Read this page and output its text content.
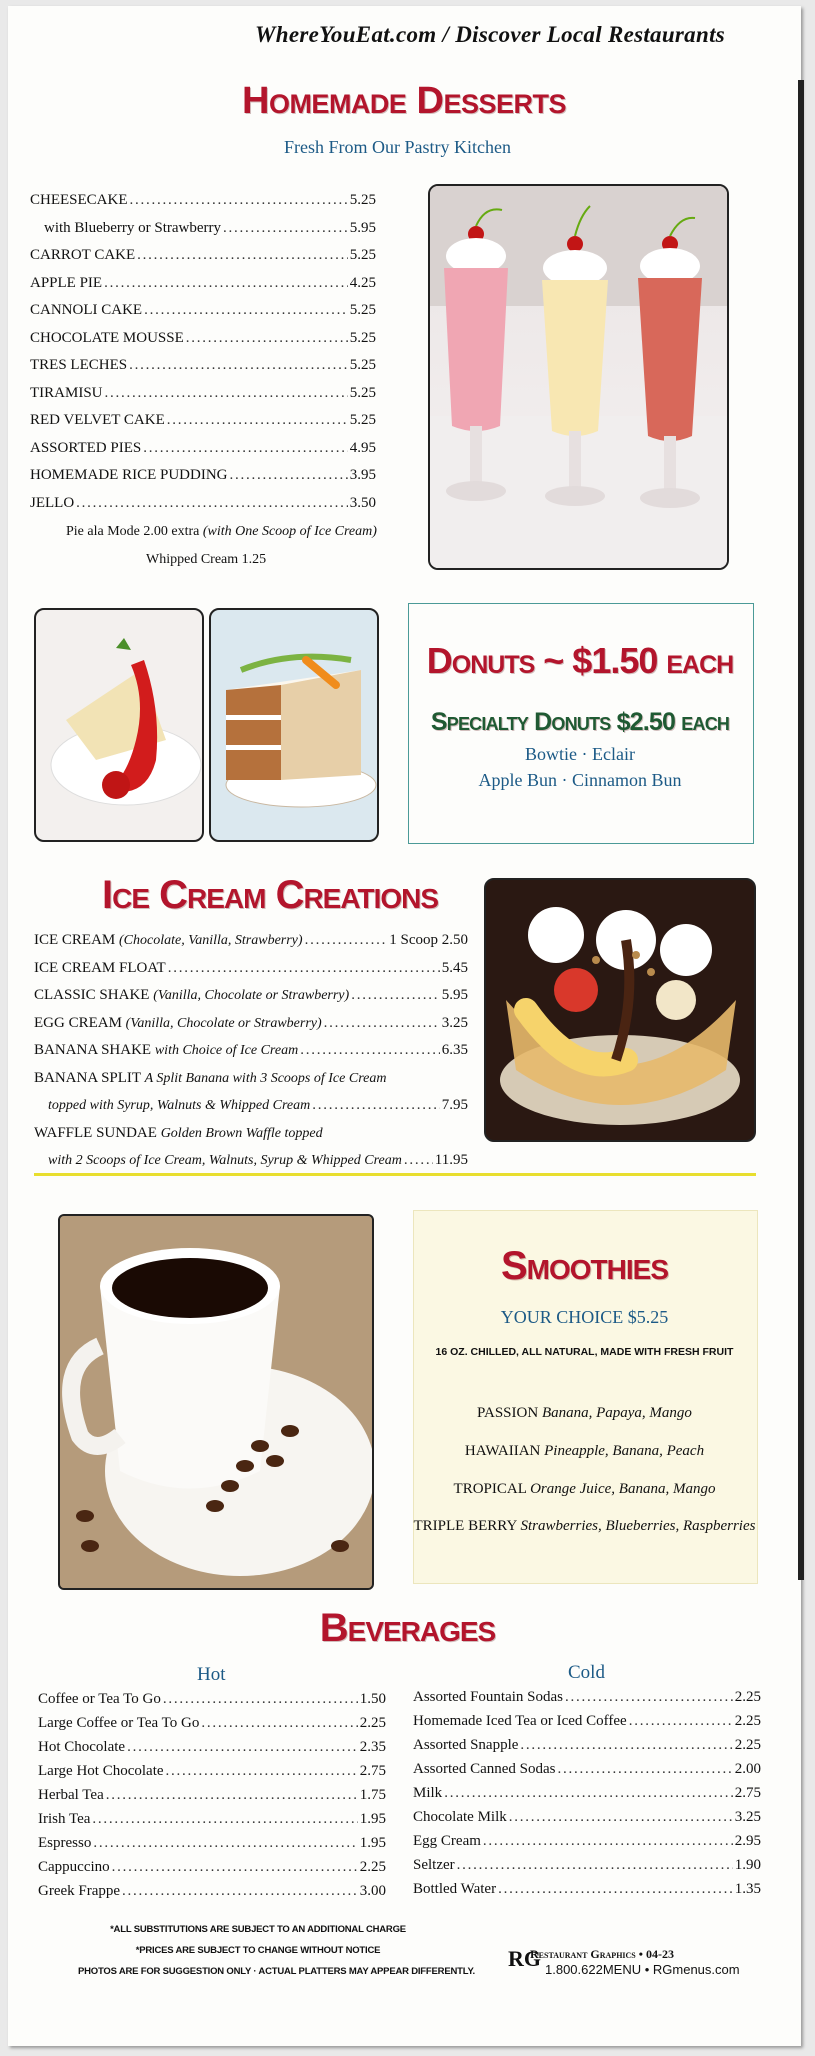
WhereYouEat.com / Discover Local Restaurants
Homemade Desserts
Fresh From Our Pastry Kitchen
CHEESECAKE . . .	5.25
with Blueberry or Strawberry . . .	5.95
CARROT CAKE . . .	5.25
APPLE PIE . . .	4.25
CANNOLI CAKE . . .	5.25
CHOCOLATE MOUSSE . . .	5.25
TRES LECHES . . .	5.25
TIRAMISU . . .	5.25
RED VELVET CAKE . . .	5.25
ASSORTED PIES . . .	4.95
HOMEMADE RICE PUDDING . . .	3.95
JELLO . . .	3.50
Pie ala Mode 2.00 extra (with One Scoop of Ice Cream)
Whipped Cream 1.25
Donuts ~ $1.50 each
Specialty Donuts $2.50 each
Bowtie · Eclair
Apple Bun · Cinnamon Bun
Ice Cream Creations
ICE CREAM (Chocolate, Vanilla, Strawberry) . . .	1 Scoop 2.50
ICE CREAM FLOAT . . .	5.45
CLASSIC SHAKE (Vanilla, Chocolate or Strawberry) . . .	5.95
EGG CREAM (Vanilla, Chocolate or Strawberry) . . .	3.25
BANANA SHAKE with Choice of Ice Cream . . .	6.35
BANANA SPLIT A Split Banana with 3 Scoops of Ice Cream
topped with Syrup, Walnuts & Whipped Cream . . .	7.95
WAFFLE SUNDAE Golden Brown Waffle topped
with 2 Scoops of Ice Cream, Walnuts, Syrup & Whipped Cream . . . 11.95
Smoothies
YOUR CHOICE $5.25
16 OZ. CHILLED, ALL NATURAL, MADE WITH FRESH FRUIT
PASSION Banana, Papaya, Mango
HAWAIIAN Pineapple, Banana, Peach
TROPICAL Orange Juice, Banana, Mango
TRIPLE BERRY Strawberries, Blueberries, Raspberries
Beverages
Hot	Cold
Coffee or Tea To Go . . .	1.50
Large Coffee or Tea To Go . . .	2.25
Hot Chocolate . . .	2.35
Large Hot Chocolate . . .	2.75
Herbal Tea . . .	1.75
Irish Tea . . .	1.95
Espresso . . .	1.95
Cappuccino . . .	2.25
Greek Frappe . . .	3.00
Assorted Fountain Sodas . . .	2.25
Homemade Iced Tea or Iced Coffee . . .	2.25
Assorted Snapple . . .	2.25
Assorted Canned Sodas . . .	2.00
Milk . . .	2.75
Chocolate Milk . . .	3.25
Egg Cream . . .	2.95
Seltzer . . .	1.90
Bottled Water . . .	1.35
*ALL SUBSTITUTIONS ARE SUBJECT TO AN ADDITIONAL CHARGE
*PRICES ARE SUBJECT TO CHANGE WITHOUT NOTICE
PHOTOS ARE FOR SUGGESTION ONLY · ACTUAL PLATTERS MAY APPEAR DIFFERENTLY.
RG
Restaurant Graphics • 04-23
1.800.622MENU • RGmenus.com
